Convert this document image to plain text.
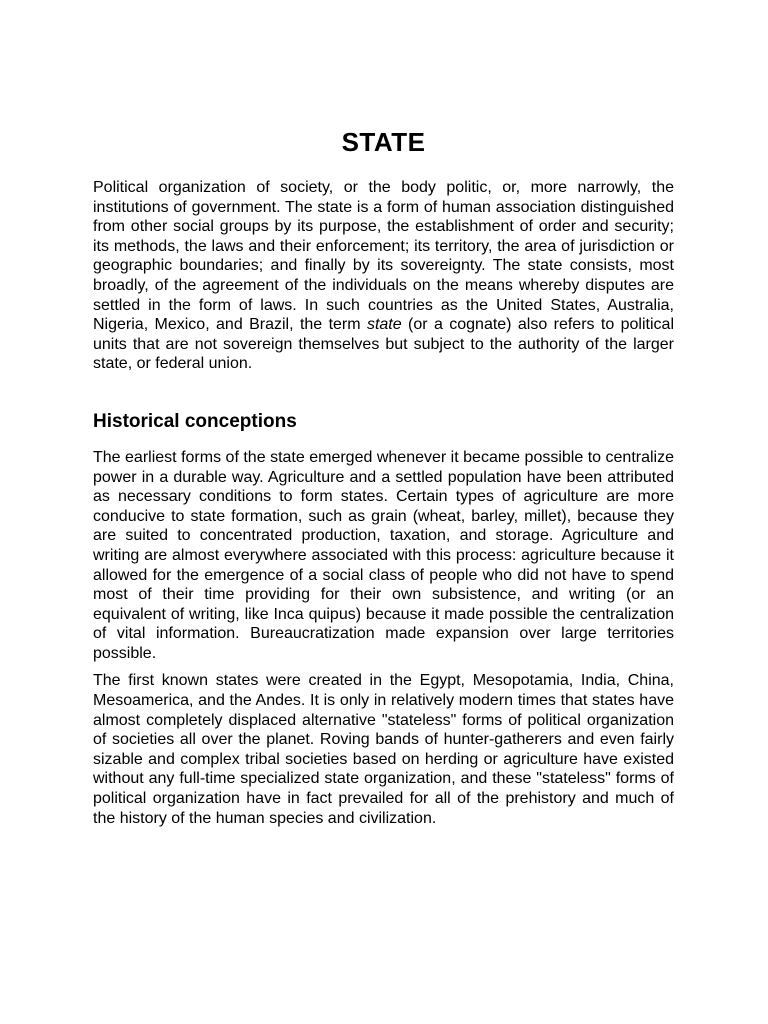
STATE

Political organization of society, or the body politic, or, more narrowly, the institutions of government. The state is a form of human association distinguished from other social groups by its purpose, the establishment of order and security; its methods, the laws and their enforcement; its territory, the area of jurisdiction or geographic boundaries; and finally by its sovereignty. The state consists, most broadly, of the agreement of the individuals on the means whereby disputes are settled in the form of laws. In such countries as the United States, Australia, Nigeria, Mexico, and Brazil, the term state (or a cognate) also refers to political units that are not sovereign themselves but subject to the authority of the larger state, or federal union.

Historical conceptions

The earliest forms of the state emerged whenever it became possible to centralize power in a durable way. Agriculture and a settled population have been attributed as necessary conditions to form states. Certain types of agriculture are more conducive to state formation, such as grain (wheat, barley, millet), because they are suited to concentrated production, taxation, and storage. Agriculture and writing are almost everywhere associated with this process: agriculture because it allowed for the emergence of a social class of people who did not have to spend most of their time providing for their own subsistence, and writing (or an equivalent of writing, like Inca quipus) because it made possible the centralization of vital information. Bureaucratization made expansion over large territories possible.

The first known states were created in the Egypt, Mesopotamia, India, China, Mesoamerica, and the Andes. It is only in relatively modern times that states have almost completely displaced alternative "stateless" forms of political organization of societies all over the planet. Roving bands of hunter-gatherers and even fairly sizable and complex tribal societies based on herding or agriculture have existed without any full-time specialized state organization, and these "stateless" forms of political organization have in fact prevailed for all of the prehistory and much of the history of the human species and civilization.
